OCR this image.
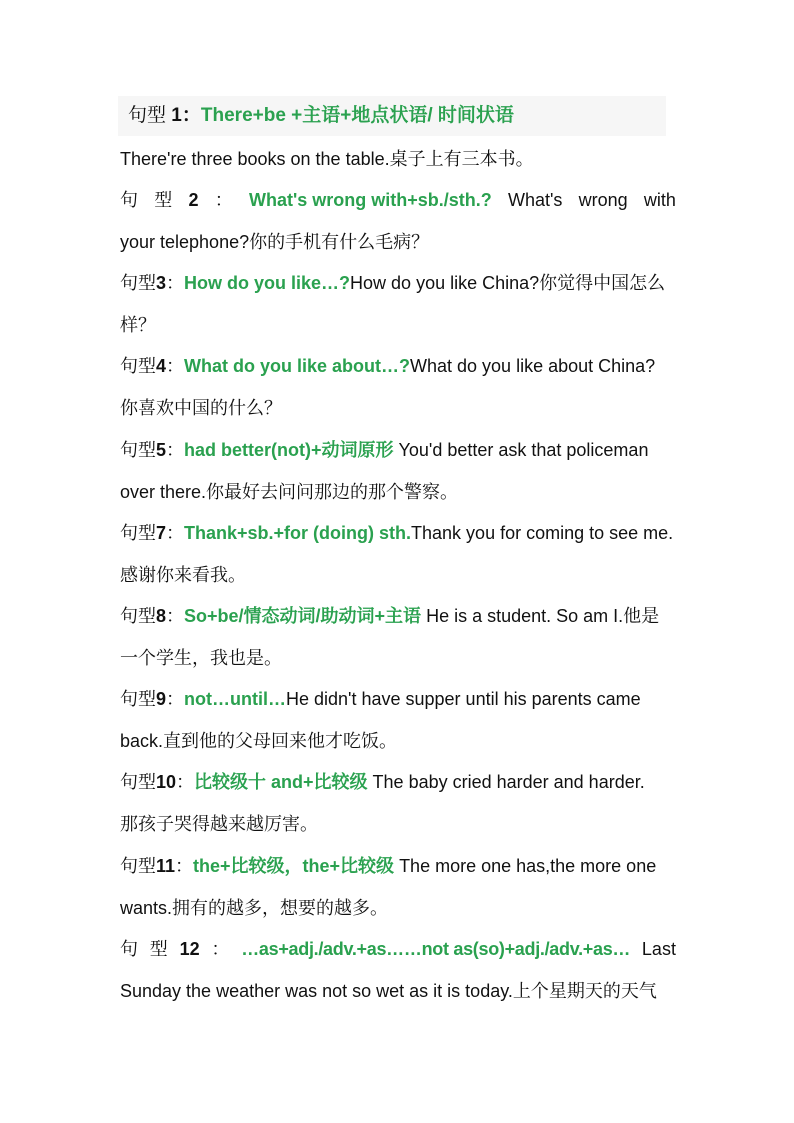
句型 1：There+be +主语+地点状语/ 时间状语
There're three books on the table.桌子上有三本书。
句 型 2 ： What's wrong with+sb./sth.? What's wrong with
your telephone?你的手机有什么毛病？
句型3：How do you like…?How do you like China?你觉得中国怎么
样？
句型4：What do you like about…?What do you like about China?
你喜欢中国的什么？
句型5：had better(not)+动词原形 You'd better ask that policeman
over there.你最好去问问那边的那个警察。
句型7：Thank+sb.+for (doing) sth.Thank you for coming to see me.
感谢你来看我。
句型8：So+be/情态动词/助动词+主语 He is a student. So am I.他是
一个学生，我也是。
句型9：not…until…He didn't have supper until his parents came
back.直到他的父母回来他才吃饭。
句型10：比较级十 and+比较级 The baby cried harder and harder.
那孩子哭得越来越厉害。
句型11：the+比较级，the+比较级 The more one has,the more one
wants.拥有的越多，想要的越多。
句 型 12 ： …as+adj./adv.+as……not as(so)+adj./adv.+as… Last
Sunday the weather was not so wet as it is today.上个星期天的天气
